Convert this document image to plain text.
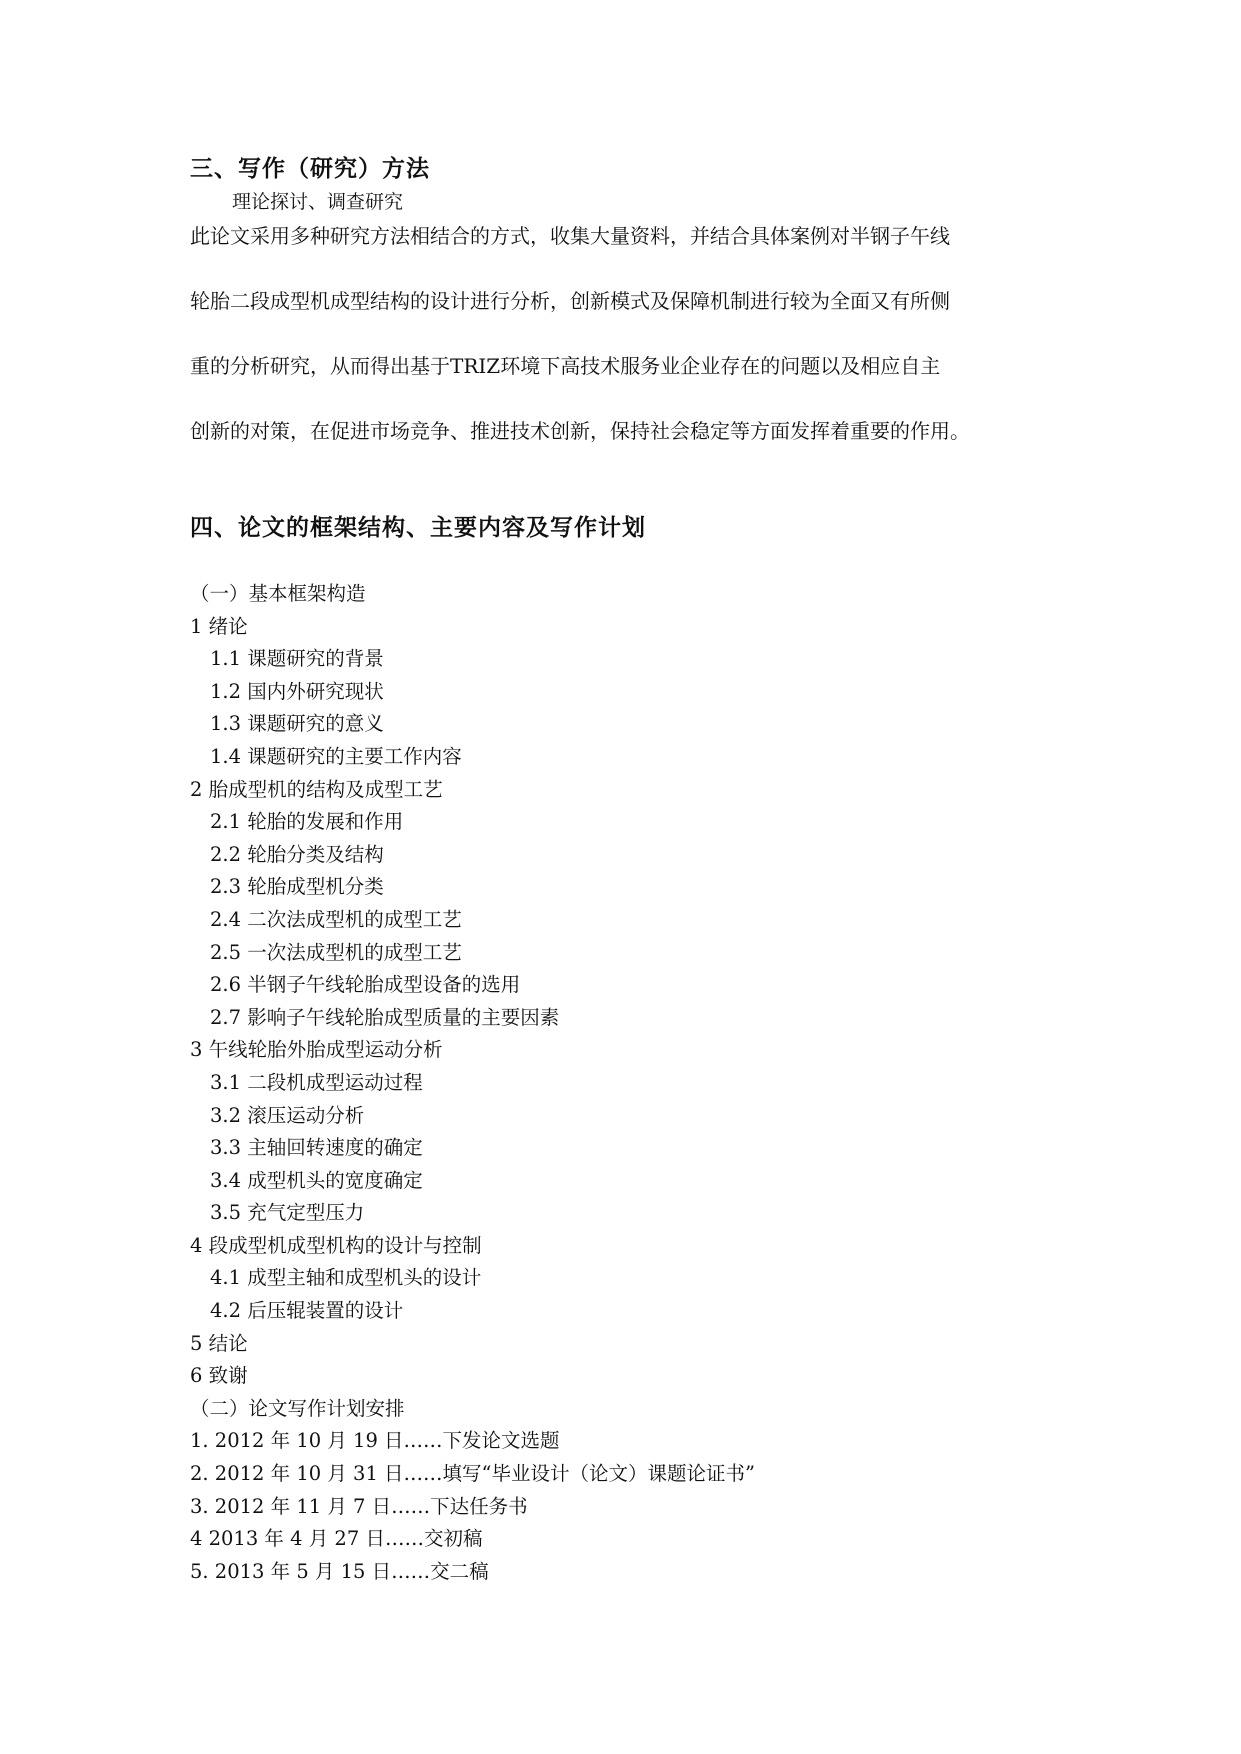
三、写作（研究）方法
理论探讨、调查研究
此论文采用多种研究方法相结合的方式，收集大量资料，并结合具体案例对半钢子午线
轮胎二段成型机成型结构的设计进行分析，创新模式及保障机制进行较为全面又有所侧
重的分析研究，从而得出基于TRIZ环境下高技术服务业企业存在的问题以及相应自主
创新的对策，在促进市场竞争、推进技术创新，保持社会稳定等方面发挥着重要的作用。
四、论文的框架结构、主要内容及写作计划
（一）基本框架构造
1 绪论
1.1 课题研究的背景
1.2 国内外研究现状
1.3 课题研究的意义
1.4 课题研究的主要工作内容
2 胎成型机的结构及成型工艺
2.1 轮胎的发展和作用
2.2 轮胎分类及结构
2.3 轮胎成型机分类
2.4 二次法成型机的成型工艺
2.5 一次法成型机的成型工艺
2.6 半钢子午线轮胎成型设备的选用
2.7 影响子午线轮胎成型质量的主要因素
3 午线轮胎外胎成型运动分析
3.1 二段机成型运动过程
3.2 滚压运动分析
3.3 主轴回转速度的确定
3.4 成型机头的宽度确定
3.5 充气定型压力
4 段成型机成型机构的设计与控制
4.1 成型主轴和成型机头的设计
4.2 后压辊装置的设计
5 结论
6 致谢
（二）论文写作计划安排
1. 2012 年 10 月 19 日……下发论文选题
2. 2012 年 10 月 31 日……填写“毕业设计（论文）课题论证书”
3. 2012 年 11 月 7 日……下达任务书
4 2013 年 4 月 27 日……交初稿
5. 2013 年 5 月 15 日……交二稿
